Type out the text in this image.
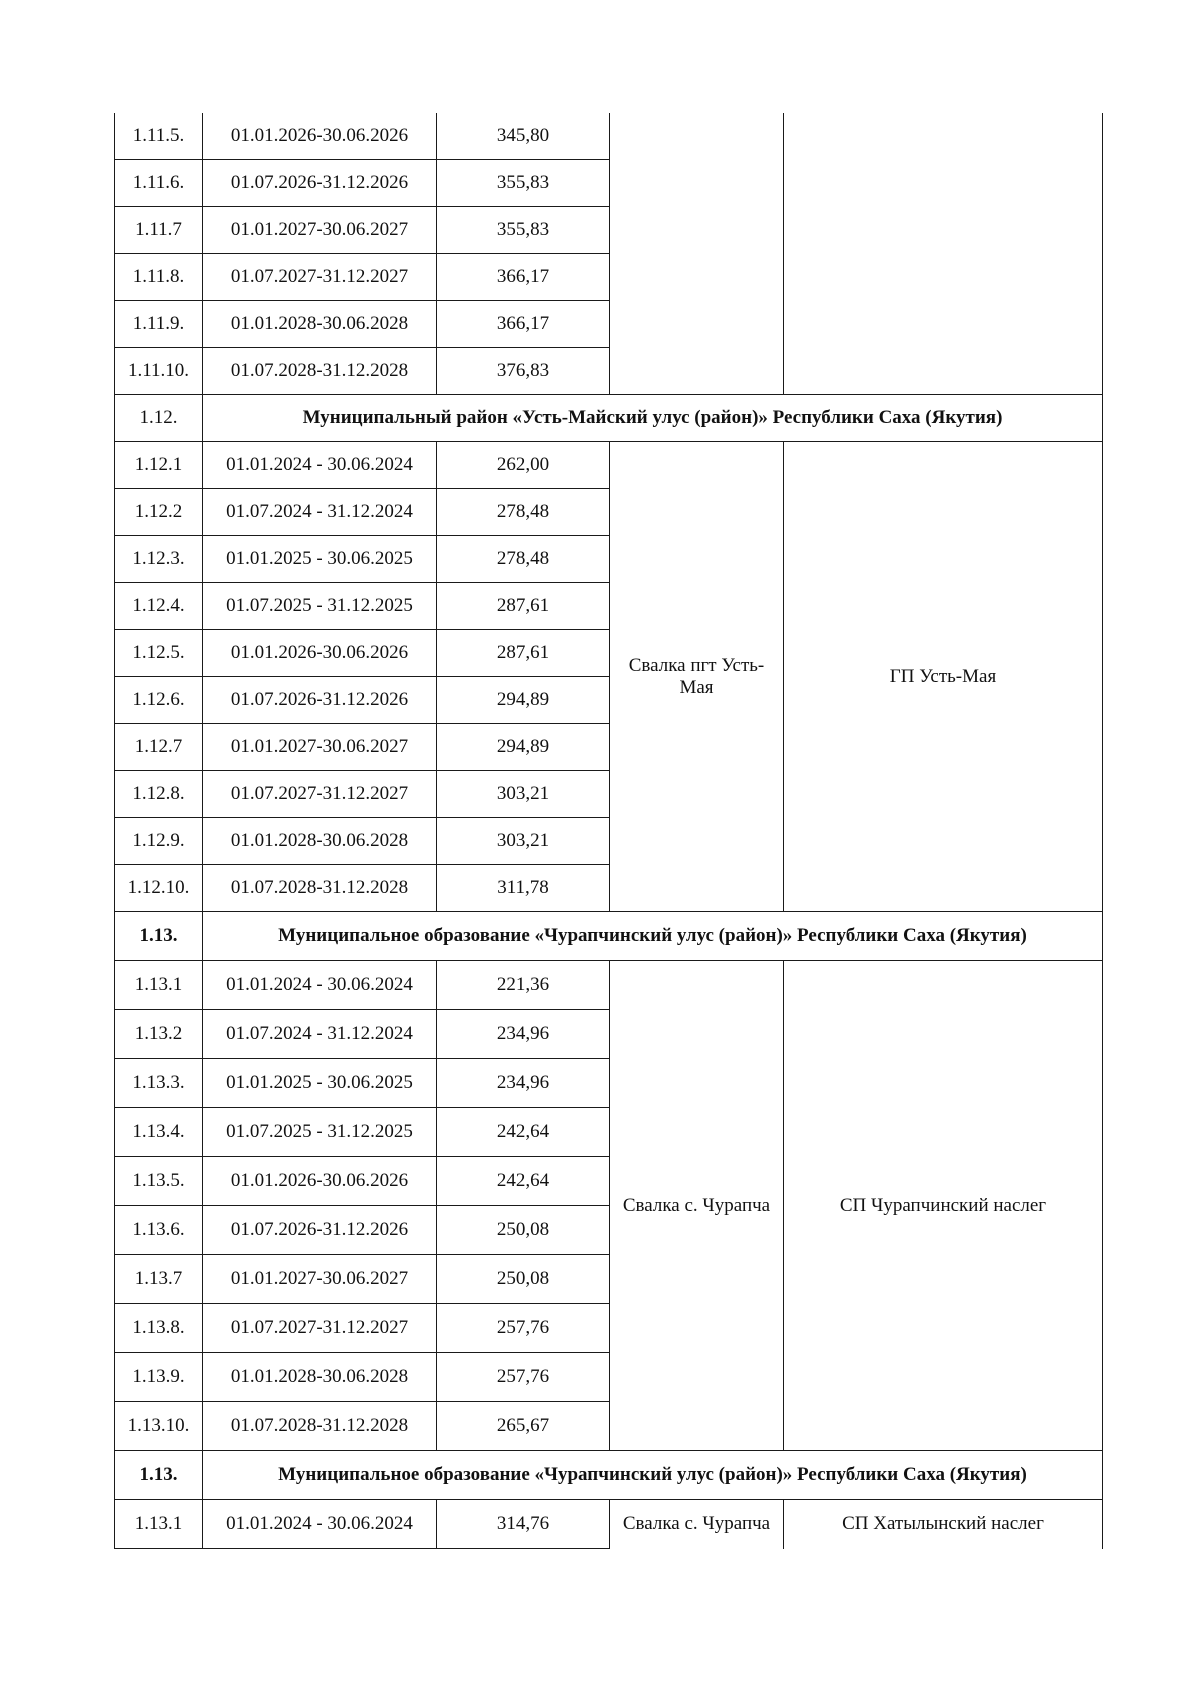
1.11.5.	01.01.2026-30.06.2026	345,80		
1.11.6.	01.07.2026-31.12.2026	355,83		
1.11.7	01.01.2027-30.06.2027	355,83		
1.11.8.	01.07.2027-31.12.2027	366,17		
1.11.9.	01.01.2028-30.06.2028	366,17		
1.11.10.	01.07.2028-31.12.2028	376,83		
1.12.	Муниципальный район «Усть-Майский улус (район)» Республики Саха (Якутия)			
1.12.1	01.01.2024 - 30.06.2024	262,00	Свалка пгт Усть-Мая	ГП Усть-Мая
1.12.2	01.07.2024 - 31.12.2024	278,48		
1.12.3.	01.01.2025 - 30.06.2025	278,48		
1.12.4.	01.07.2025 - 31.12.2025	287,61		
1.12.5.	01.01.2026-30.06.2026	287,61		
1.12.6.	01.07.2026-31.12.2026	294,89		
1.12.7	01.01.2027-30.06.2027	294,89		
1.12.8.	01.07.2027-31.12.2027	303,21		
1.12.9.	01.01.2028-30.06.2028	303,21		
1.12.10.	01.07.2028-31.12.2028	311,78		
1.13.	Муниципальное образование «Чурапчинский улус (район)» Республики Саха (Якутия)			
1.13.1	01.01.2024 - 30.06.2024	221,36	Свалка с. Чурапча	СП Чурапчинский наслег
1.13.2	01.07.2024 - 31.12.2024	234,96		
1.13.3.	01.01.2025 - 30.06.2025	234,96		
1.13.4.	01.07.2025 - 31.12.2025	242,64		
1.13.5.	01.01.2026-30.06.2026	242,64		
1.13.6.	01.07.2026-31.12.2026	250,08		
1.13.7	01.01.2027-30.06.2027	250,08		
1.13.8.	01.07.2027-31.12.2027	257,76		
1.13.9.	01.01.2028-30.06.2028	257,76		
1.13.10.	01.07.2028-31.12.2028	265,67		
1.13.	Муниципальное образование «Чурапчинский улус (район)» Республики Саха (Якутия)			
1.13.1	01.01.2024 - 30.06.2024	314,76	Свалка с. Чурапча	СП Хатылынский наслег
